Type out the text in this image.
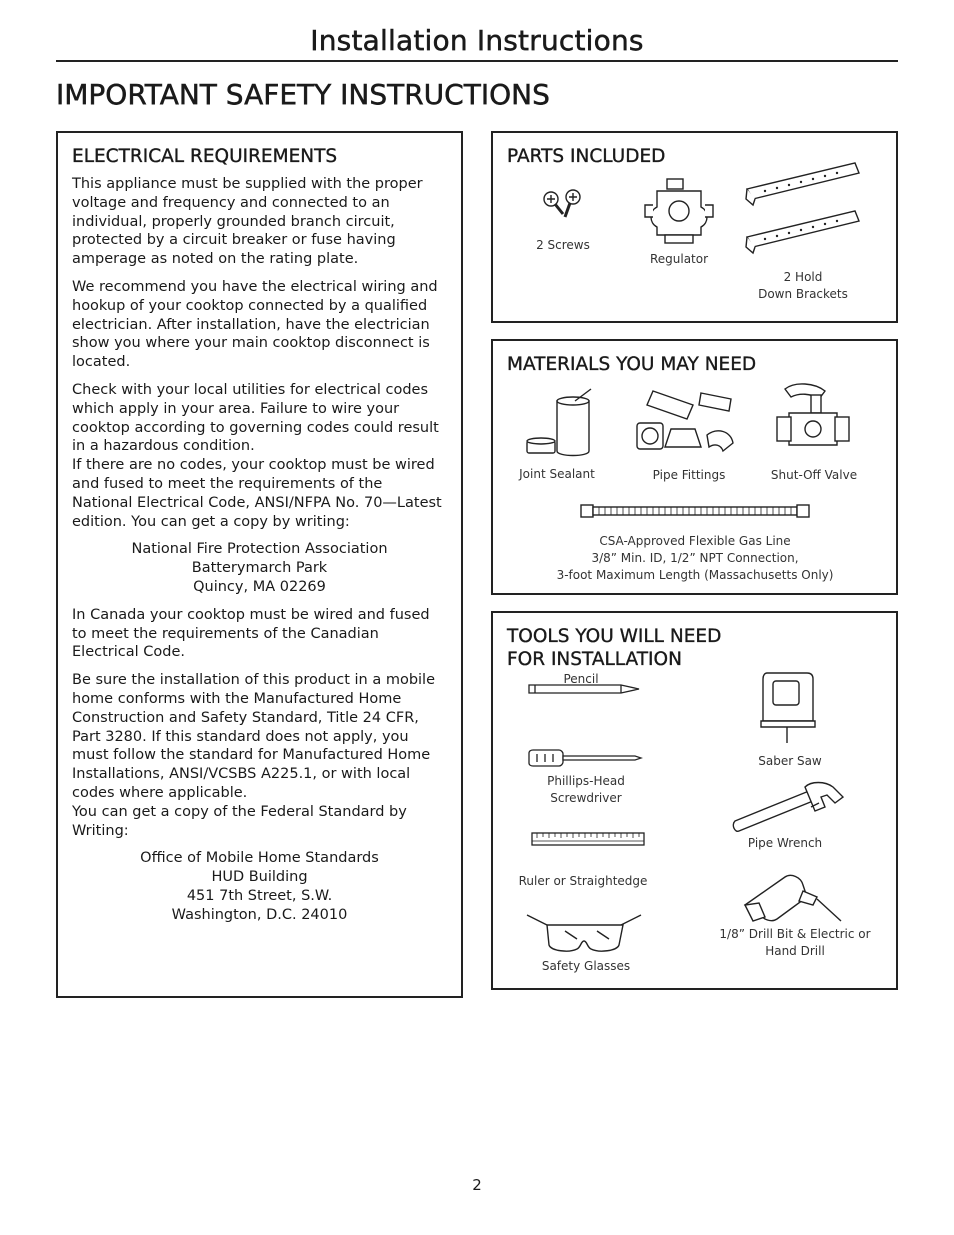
Installation Instructions
IMPORTANT SAFETY INSTRUCTIONS
ELECTRICAL REQUIREMENTS

This appliance must be supplied with the proper voltage and frequency and connected to an individual, properly grounded branch circuit, protected by a circuit breaker or fuse having amperage as noted on the rating plate.

We recommend you have the electrical wiring and hookup of your cooktop connected by a qualified electrician. After installation, have the electrician show you where your main cooktop disconnect is located.

Check with your local utilities for electrical codes which apply in your area. Failure to wire your cooktop according to governing codes could result in a hazardous condition.

If there are no codes, your cooktop must be wired and fused to meet the requirements of the National Electrical Code, ANSI/NFPA No. 70—Latest edition. You can get a copy by writing:

National Fire Protection Association
Batterymarch Park
Quincy, MA 02269

In Canada your cooktop must be wired and fused to meet the requirements of the Canadian Electrical Code.

Be sure the installation of this product in a mobile home conforms with the Manufactured Home Construction and Safety Standard, Title 24 CFR, Part 3280. If this standard does not apply, you must follow the standard for Manufactured Home Installations, ANSI/VCSBS A225.1, or with local codes where applicable.

You can get a copy of the Federal Standard by Writing:

Office of Mobile Home Standards
HUD Building
451 7th Street, S.W.
Washington, D.C. 24010

PARTS INCLUDED
2 Screws
Regulator
2 Hold
Down Brackets
MATERIALS YOU MAY NEED
Joint Sealant	Pipe Fittings	Shut-Off Valve
CSA-Approved Flexible Gas Line
3/8” Min. ID, 1/2” NPT Connection,
3-foot Maximum Length (Massachusetts Only)
TOOLS YOU WILL NEED
FOR INSTALLATION
Pencil
Phillips-Head
Screwdriver
Ruler or Straightedge
Safety Glasses
Saber Saw
Pipe Wrench
1/8” Drill Bit & Electric or
Hand Drill
2
